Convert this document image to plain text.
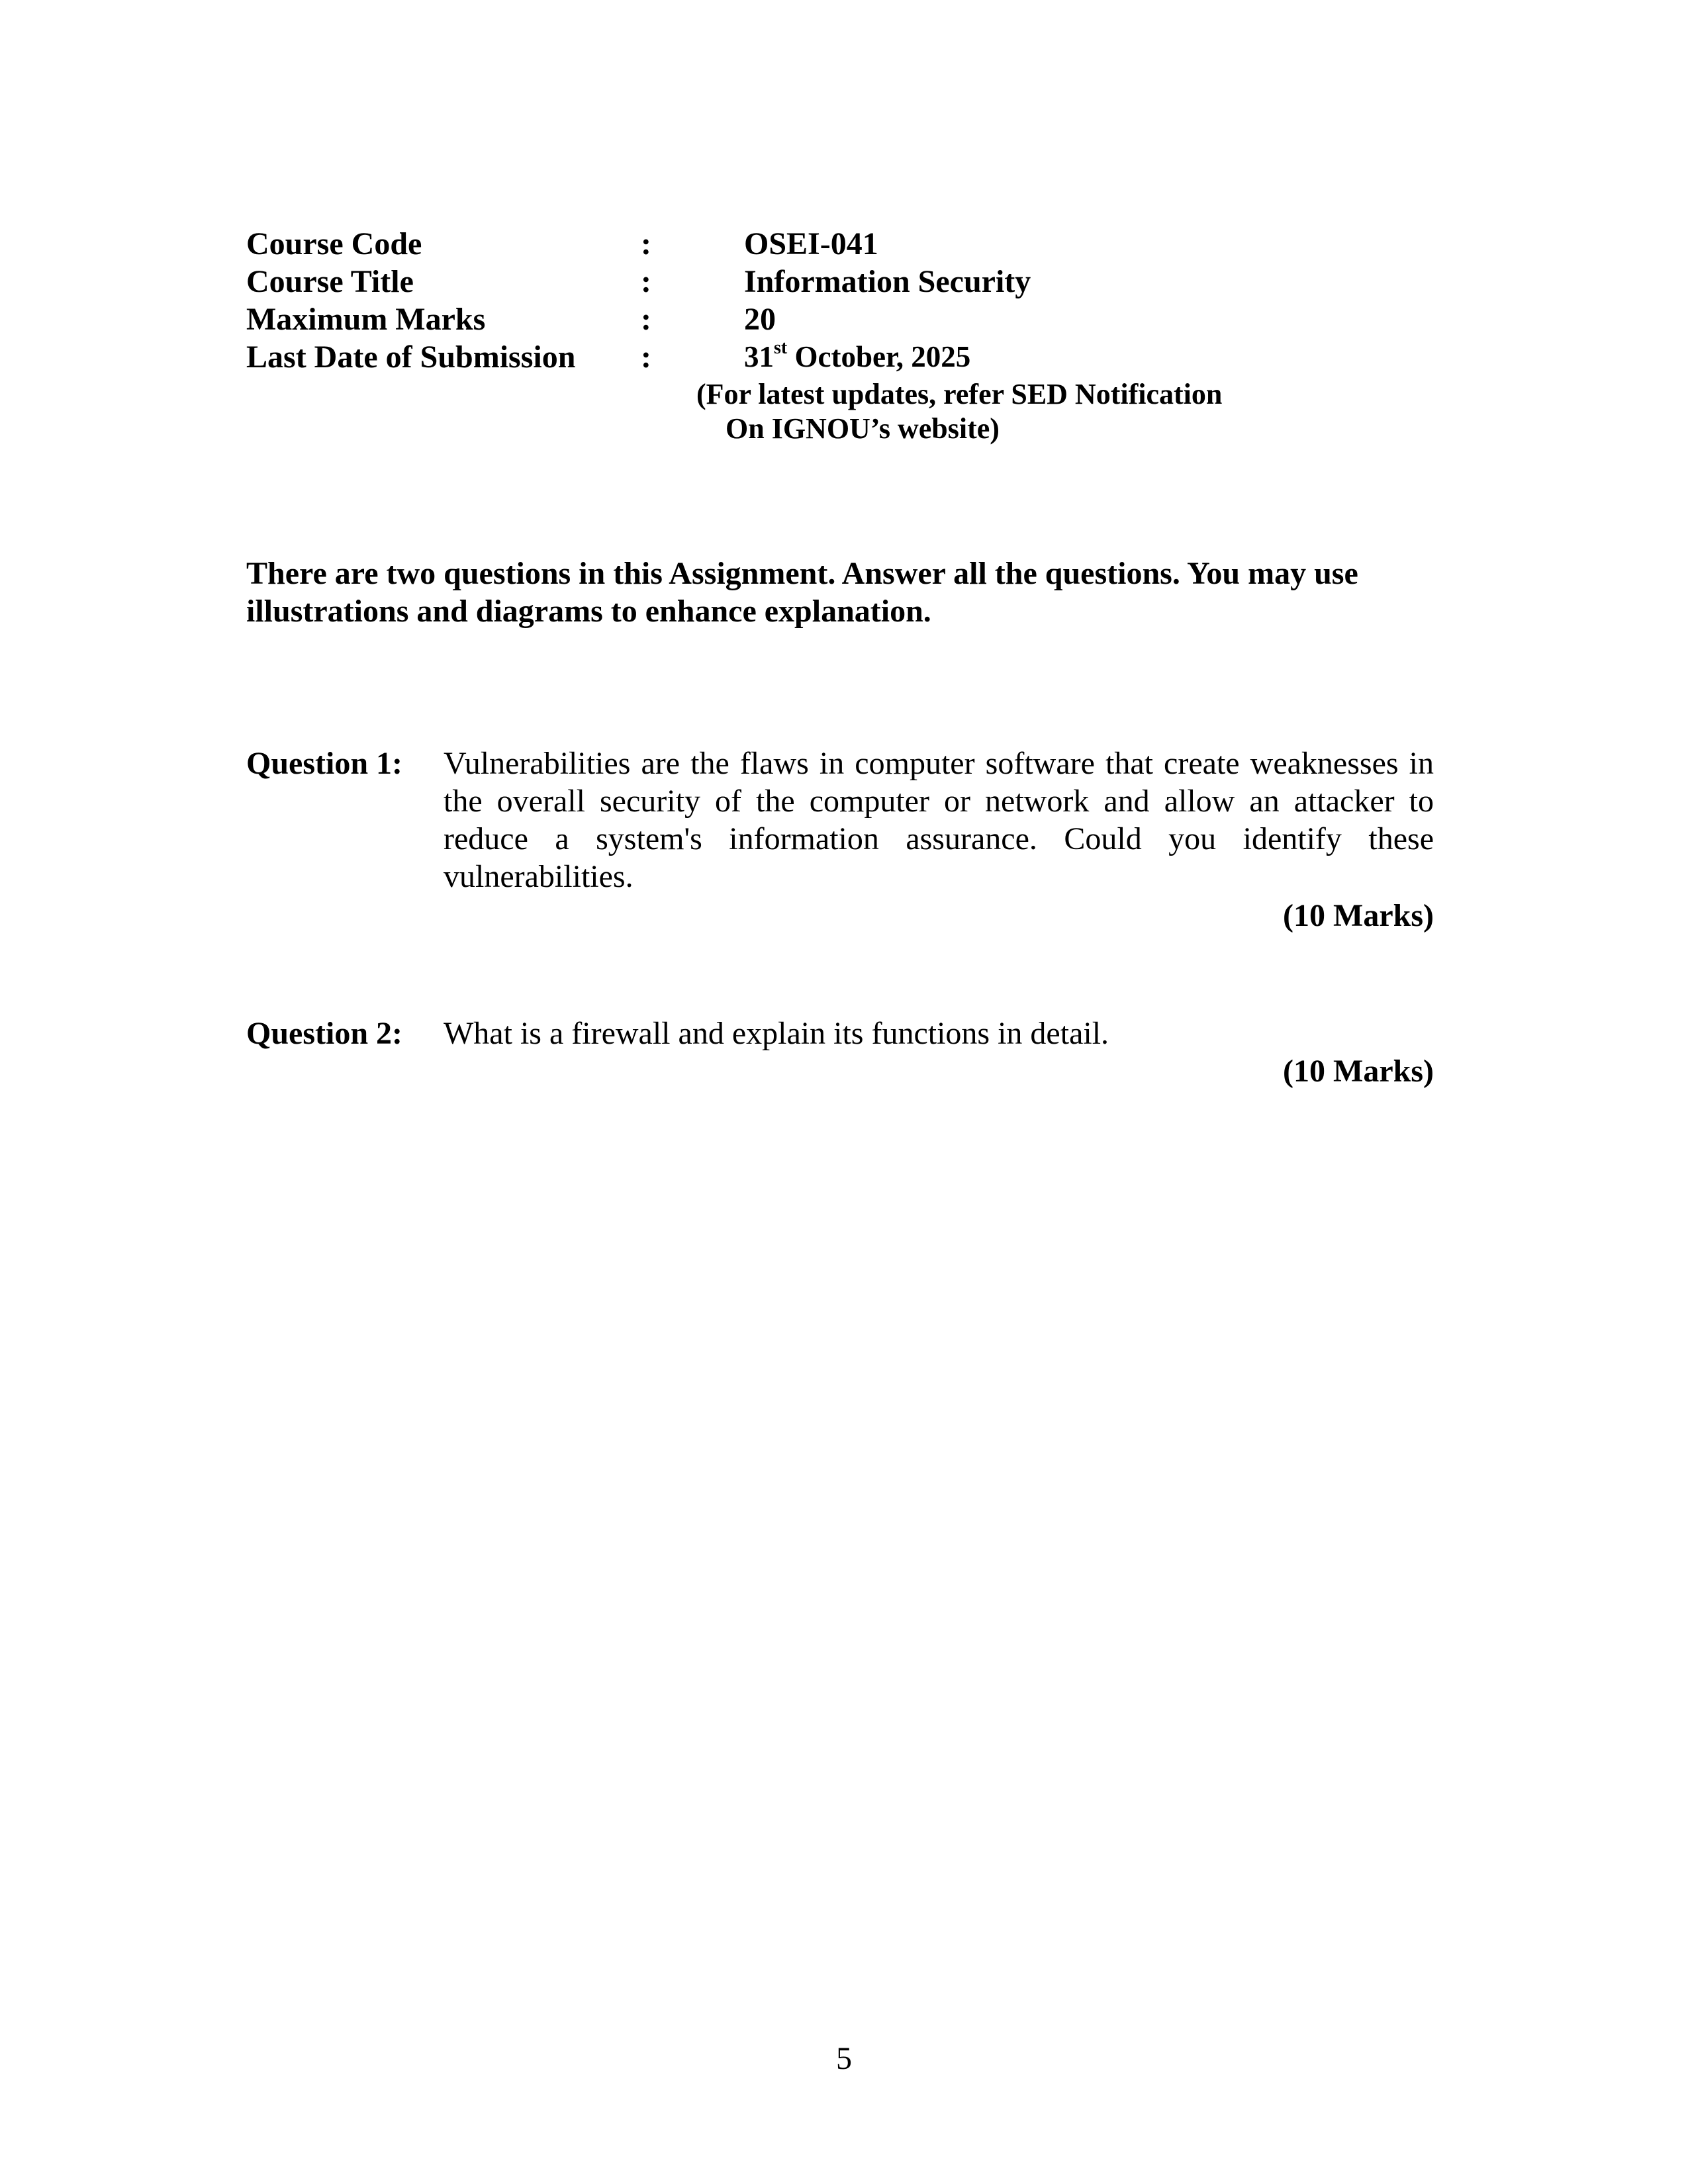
Course Code	:	OSEI-041
Course Title	:	Information Security
Maximum Marks	:	20
Last Date of Submission :	31st October, 2025
(For latest updates, refer SED Notification
On IGNOU’s website)
There are two questions in this Assignment. Answer all the questions. You may use illustrations and diagrams to enhance explanation.
Question 1: Vulnerabilities are the flaws in computer software that create weaknesses in the overall security of the computer or network and allow an attacker to reduce a system's information assurance. Could you identify these vulnerabilities.
(10 Marks)
Question 2: What is a firewall and explain its functions in detail.
(10 Marks)
5
